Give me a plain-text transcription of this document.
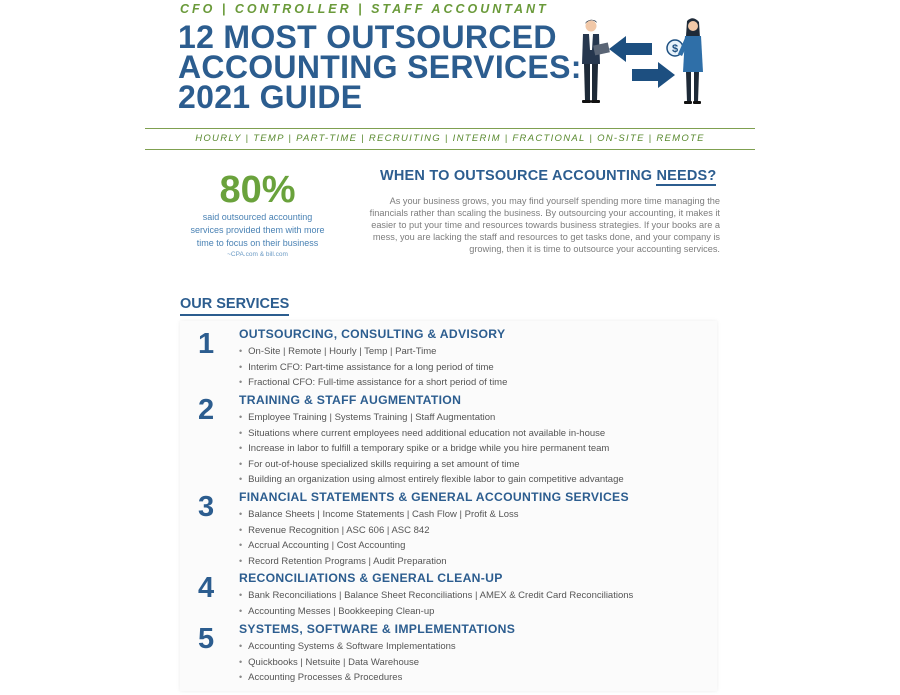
CFO | CONTROLLER | STAFF ACCOUNTANT
12 MOST OUTSOURCED
ACCOUNTING SERVICES:
2021 GUIDE
$
HOURLY | TEMP | PART-TIME | RECRUITING | INTERIM | FRACTIONAL | ON-SITE | REMOTE
80%
said outsourced accounting services provided them with more time to focus on their business
~CPA.com & bill.com
WHEN TO OUTSOURCE ACCOUNTING NEEDS?

As your business grows, you may find yourself spending more time managing the financials rather than scaling the business. By outsourcing your accounting, it makes it easier to put your time and resources towards business strategies. If your books are a mess, you are lacking the staff and resources to get tasks done, and your company is growing, then it is time to outsource your accounting services.

OUR SERVICES
1 OUTSOURCING, CONSULTING & ADVISORY
• On-Site | Remote | Hourly | Temp | Part-Time
• Interim CFO: Part-time assistance for a long period of time
• Fractional CFO: Full-time assistance for a short period of time
2 TRAINING & STAFF AUGMENTATION
• Employee Training | Systems Training | Staff Augmentation
• Situations where current employees need additional education not available in-house
• Increase in labor to fulfill a temporary spike or a bridge while you hire permanent team
• For out-of-house specialized skills requiring a set amount of time
• Building an organization using almost entirely flexible labor to gain competitive advantage
3 FINANCIAL STATEMENTS & GENERAL ACCOUNTING SERVICES
• Balance Sheets | Income Statements | Cash Flow | Profit & Loss
• Revenue Recognition | ASC 606 | ASC 842
• Accrual Accounting | Cost Accounting
• Record Retention Programs | Audit Preparation
4 RECONCILIATIONS & GENERAL CLEAN-UP
• Bank Reconciliations | Balance Sheet Reconciliations | AMEX & Credit Card Reconciliations
• Accounting Messes | Bookkeeping Clean-up
5 SYSTEMS, SOFTWARE & IMPLEMENTATIONS
• Accounting Systems & Software Implementations
• Quickbooks | Netsuite | Data Warehouse
• Accounting Processes & Procedures
